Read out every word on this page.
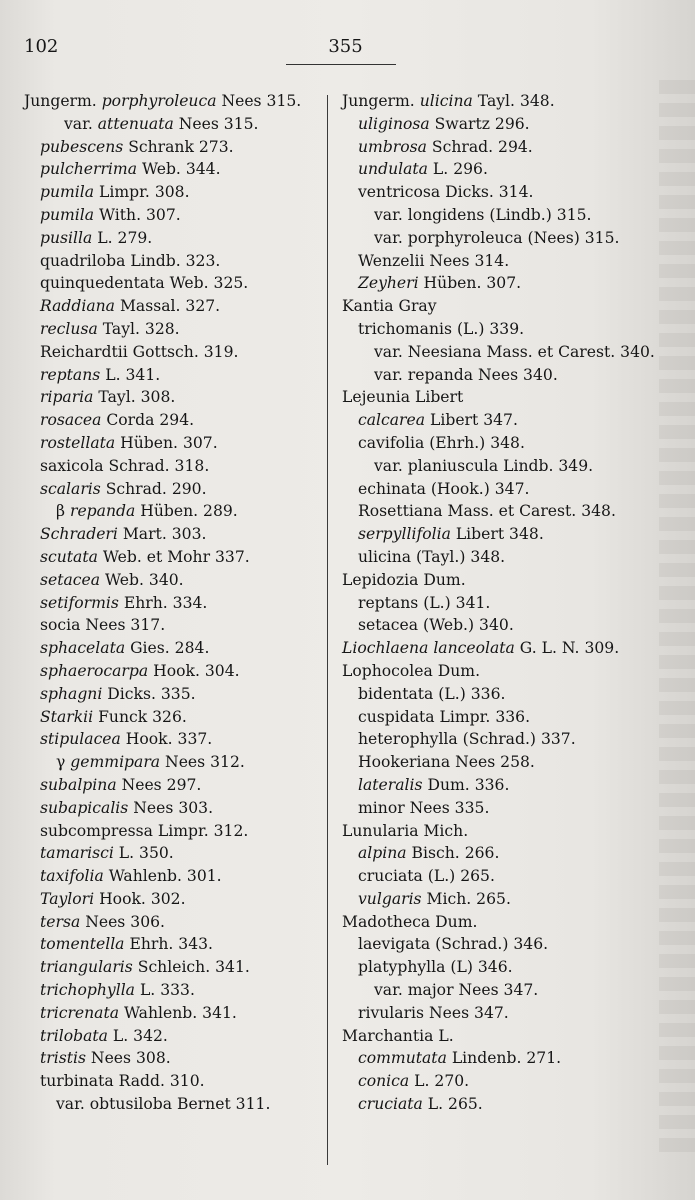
102	355
Jungerm. porphyroleuca Nees 315.
var. attenuata Nees 315.
pubescens Schrank 273.
pulcherrima Web. 344.
pumila Limpr. 308.
pumila With. 307.
pusilla L. 279.
quadriloba Lindb. 323.
quinquedentata Web. 325.
Raddiana Massal. 327.
reclusa Tayl. 328.
Reichardtii Gottsch. 319.
reptans L. 341.
riparia Tayl. 308.
rosacea Corda 294.
rostellata Hüben. 307.
saxicola Schrad. 318.
scalaris Schrad. 290.
β repanda Hüben. 289.
Schraderi Mart. 303.
scutata Web. et Mohr 337.
setacea Web. 340.
setiformis Ehrh. 334.
socia Nees 317.
sphacelata Gies. 284.
sphaerocarpa Hook. 304.
sphagni Dicks. 335.
Starkii Funck 326.
stipulacea Hook. 337.
γ gemmipara Nees 312.
subalpina Nees 297.
subapicalis Nees 303.
subcompressa Limpr. 312.
tamarisci L. 350.
taxifolia Wahlenb. 301.
Taylori Hook. 302.
tersa Nees 306.
tomentella Ehrh. 343.
triangularis Schleich. 341.
trichophylla L. 333.
tricrenata Wahlenb. 341.
trilobata L. 342.
tristis Nees 308.
turbinata Radd. 310.
var. obtusiloba Bernet 311.
Jungerm. ulicina Tayl. 348.
uliginosa Swartz 296.
umbrosa Schrad. 294.
undulata L. 296.
ventricosa Dicks. 314.
var. longidens (Lindb.) 315.
var. porphyroleuca (Nees) 315.
Wenzelii Nees 314.
Zeyheri Hüben. 307.
Kantia Gray
trichomanis (L.) 339.
var. Neesiana Mass. et Carest. 340.
var. repanda Nees 340.
Lejeunia Libert
calcarea Libert 347.
cavifolia (Ehrh.) 348.
var. planiuscula Lindb. 349.
echinata (Hook.) 347.
Rosettiana Mass. et Carest. 348.
serpyllifolia Libert 348.
ulicina (Tayl.) 348.
Lepidozia Dum.
reptans (L.) 341.
setacea (Web.) 340.
Liochlaena lanceolata G. L. N. 309.
Lophocolea Dum.
bidentata (L.) 336.
cuspidata Limpr. 336.
heterophylla (Schrad.) 337.
Hookeriana Nees 258.
lateralis Dum. 336.
minor Nees 335.
Lunularia Mich.
alpina Bisch. 266.
cruciata (L.) 265.
vulgaris Mich. 265.
Madotheca Dum.
laevigata (Schrad.) 346.
platyphylla (L) 346.
var. major Nees 347.
rivularis Nees 347.
Marchantia L.
commutata Lindenb. 271.
conica L. 270.
cruciata L. 265.
